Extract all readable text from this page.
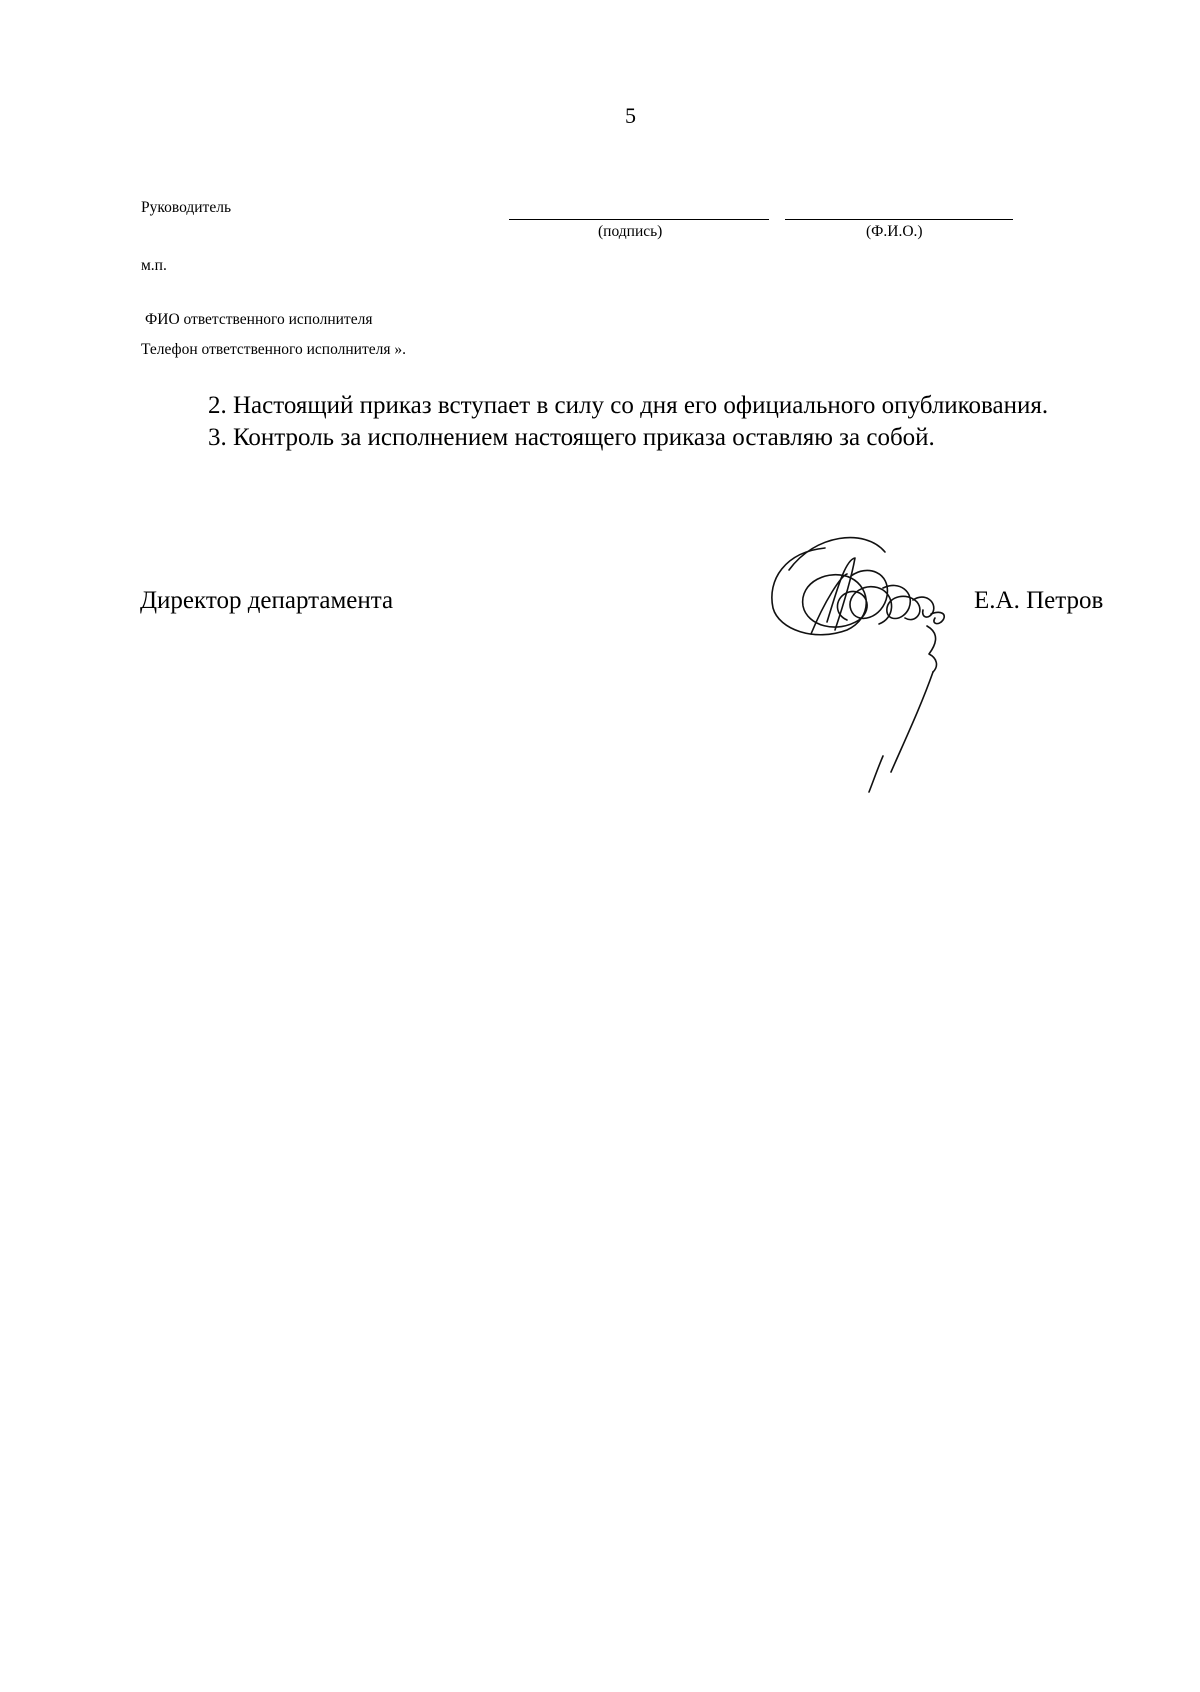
5
Руководитель
(подпись)	(Ф.И.О.)
м.п.
ФИО ответственного исполнителя
Телефон ответственного исполнителя ».
2. Настоящий приказ вступает в силу со дня его официального опубликования.
3. Контроль за исполнением настоящего приказа оставляю за собой.
Директор департамента	Е.А. Петров
